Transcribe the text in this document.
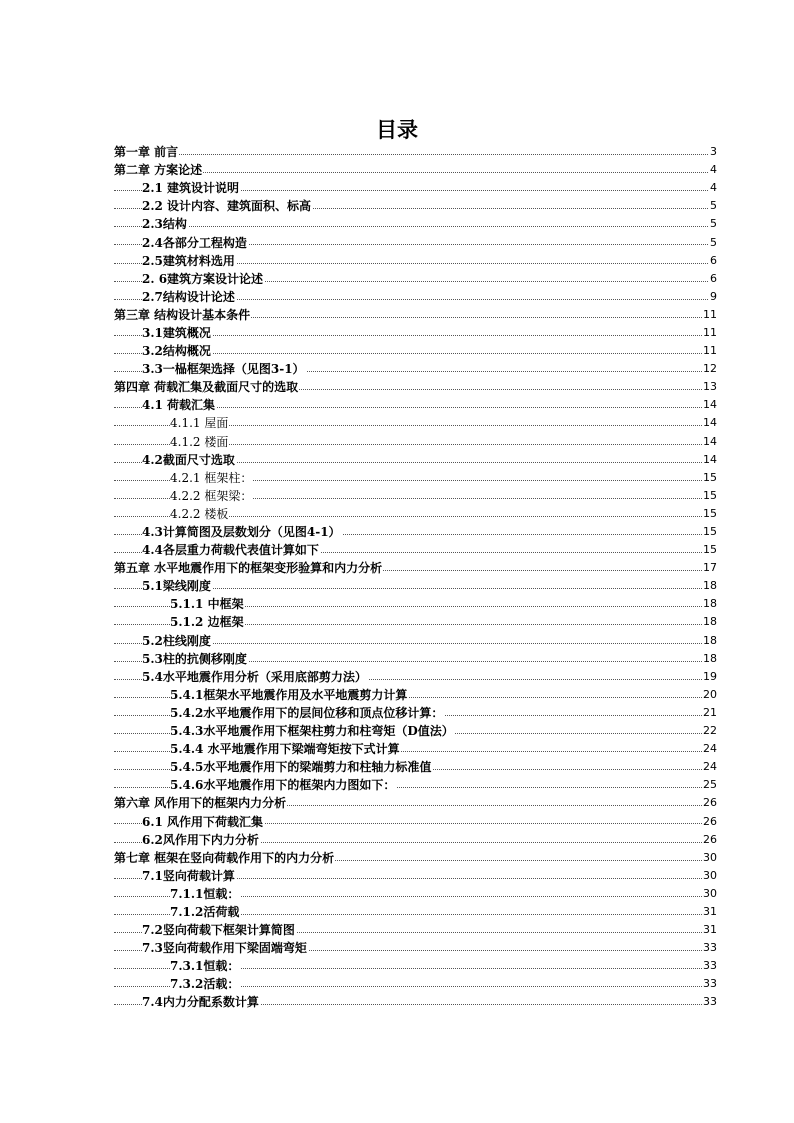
目录
第一章 前言	3
第二章 方案论述	4
2.1 建筑设计说明	4
2.2 设计内容、建筑面积、标高	5
2.3结构	5
2.4各部分工程构造	5
2.5建筑材料选用	6
2. 6建筑方案设计论述	6
2.7结构设计论述	9
第三章 结构设计基本条件	11
3.1建筑概况	11
3.2结构概况	11
3.3一榀框架选择（见图3-1）	12
第四章 荷载汇集及截面尺寸的选取	13
4.1 荷载汇集	14
4.1.1 屋面	14
4.1.2 楼面	14
4.2截面尺寸选取	14
4.2.1 框架柱：	15
4.2.2 框架梁：	15
4.2.2 楼板	15
4.3计算简图及层数划分（见图4-1）	15
4.4各层重力荷载代表值计算如下	15
第五章 水平地震作用下的框架变形验算和内力分析	17
5.1梁线刚度	18
5.1.1 中框架	18
5.1.2 边框架	18
5.2柱线刚度	18
5.3柱的抗侧移刚度	18
5.4水平地震作用分析（采用底部剪力法）	19
5.4.1框架水平地震作用及水平地震剪力计算	20
5.4.2水平地震作用下的层间位移和顶点位移计算：	21
5.4.3水平地震作用下框架柱剪力和柱弯矩（D值法）	22
5.4.4 水平地震作用下梁端弯矩按下式计算	24
5.4.5水平地震作用下的梁端剪力和柱轴力标准值	24
5.4.6水平地震作用下的框架内力图如下：	25
第六章 风作用下的框架内力分析	26
6.1 风作用下荷载汇集	26
6.2风作用下内力分析	26
第七章 框架在竖向荷载作用下的内力分析	30
7.1竖向荷载计算	30
7.1.1恒载：	30
7.1.2活荷载	31
7.2竖向荷载下框架计算简图	31
7.3竖向荷载作用下梁固端弯矩	33
7.3.1恒载：	33
7.3.2活载：	33
7.4内力分配系数计算	33
